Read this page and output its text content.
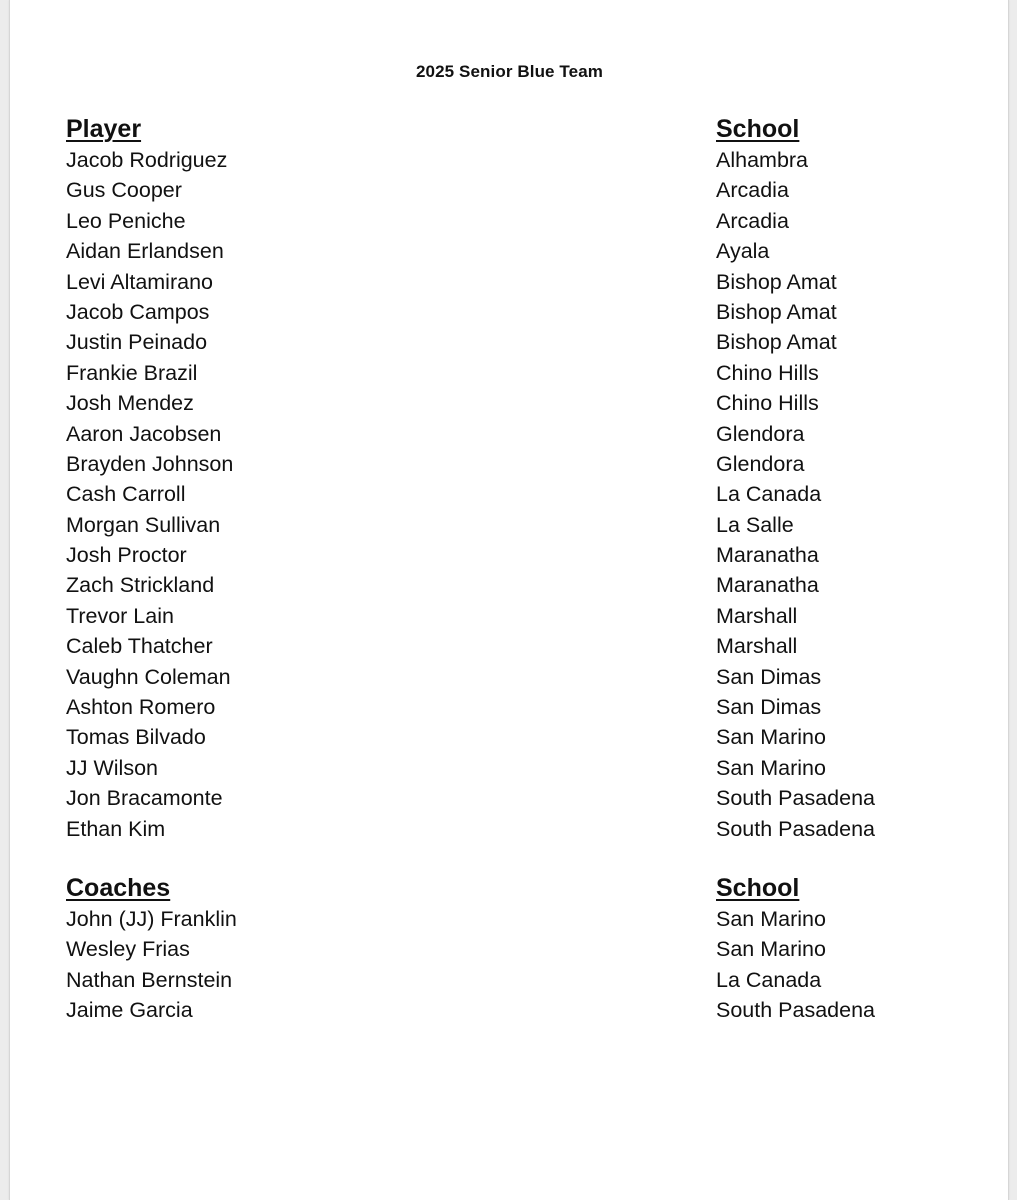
2025 Senior Blue Team
Player
Jacob Rodriguez
Gus Cooper
Leo Peniche
Aidan Erlandsen
Levi Altamirano
Jacob Campos
Justin Peinado
Frankie Brazil
Josh Mendez
Aaron Jacobsen
Brayden Johnson
Cash Carroll
Morgan Sullivan
Josh Proctor
Zach Strickland
Trevor Lain
Caleb Thatcher
Vaughn Coleman
Ashton Romero
Tomas Bilvado
JJ Wilson
Jon Bracamonte
Ethan Kim
School
Alhambra
Arcadia
Arcadia
Ayala
Bishop Amat
Bishop Amat
Bishop Amat
Chino Hills
Chino Hills
Glendora
Glendora
La Canada
La Salle
Maranatha
Maranatha
Marshall
Marshall
San Dimas
San Dimas
San Marino
San Marino
South Pasadena
South Pasadena
Coaches
John (JJ) Franklin
Wesley Frias
Nathan Bernstein
Jaime Garcia
School
San Marino
San Marino
La Canada
South Pasadena
